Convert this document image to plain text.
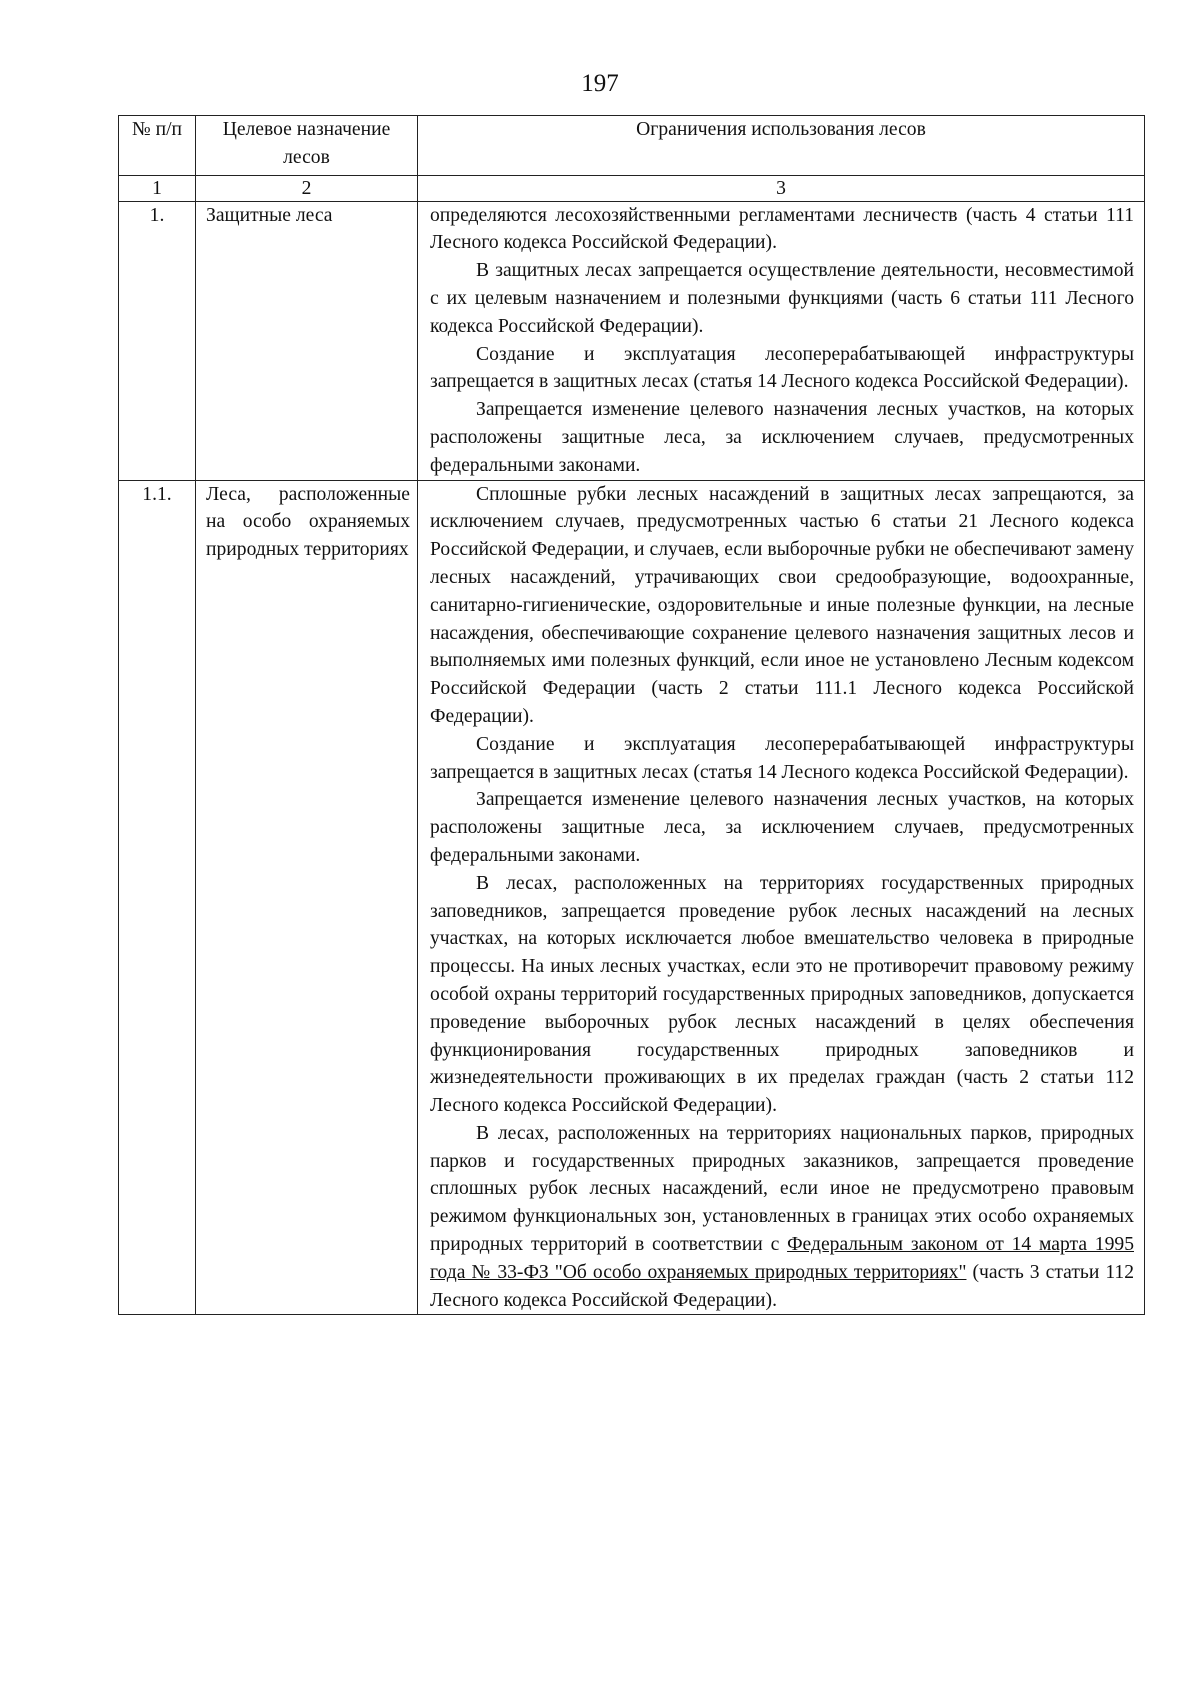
197
№ п/п	Целевое назначение лесов	Ограничения использования лесов
1	2	3
1.	Защитные леса	определяются лесохозяйственными регламентами лесничеств (часть 4 статьи 111 Лесного кодекса Российской Федерации).
В защитных лесах запрещается осуществление деятельности, несовместимой с их целевым назначением и полезными функциями (часть 6 статьи 111 Лесного кодекса Российской Федерации).
Создание и эксплуатация лесоперерабатывающей инфраструктуры запрещается в защитных лесах (статья 14 Лесного кодекса Российской Федерации).
Запрещается изменение целевого назначения лесных участков, на которых расположены защитные леса, за исключением случаев, предусмотренных федеральными законами.

1.1.	Леса, расположенные на особо охраняемых природных территориях	Сплошные рубки лесных насаждений в защитных лесах запрещаются, за исключением случаев, предусмотренных частью 6 статьи 21 Лесного кодекса Российской Федерации, и случаев, если выборочные рубки не обеспечивают замену лесных насаждений, утрачивающих свои средообразующие, водоохранные, санитарно-гигиенические, оздоровительные и иные полезные функции, на лесные насаждения, обеспечивающие сохранение целевого назначения защитных лесов и выполняемых ими полезных функций, если иное не установлено Лесным кодексом Российской Федерации (часть 2 статьи 111.1 Лесного кодекса Российской Федерации).
Создание и эксплуатация лесоперерабатывающей инфраструктуры запрещается в защитных лесах (статья 14 Лесного кодекса Российской Федерации).
Запрещается изменение целевого назначения лесных участков, на которых расположены защитные леса, за исключением случаев, предусмотренных федеральными законами.
В лесах, расположенных на территориях государственных природных заповедников, запрещается проведение рубок лесных насаждений на лесных участках, на которых исключается любое вмешательство человека в природные процессы. На иных лесных участках, если это не противоречит правовому режиму особой охраны территорий государственных природных заповедников, допускается проведение выборочных рубок лесных насаждений в целях обеспечения функционирования государственных природных заповедников и жизнедеятельности проживающих в их пределах граждан (часть 2 статьи 112 Лесного кодекса Российской Федерации).
В лесах, расположенных на территориях национальных парков, природных парков и государственных природных заказников, запрещается проведение сплошных рубок лесных насаждений, если иное не предусмотрено правовым режимом функциональных зон, установленных в границах этих особо охраняемых природных территорий в соответствии с Федеральным законом от 14 марта 1995 года № 33-ФЗ "Об особо охраняемых природных территориях" (часть 3 статьи 112 Лесного кодекса Российской Федерации).
